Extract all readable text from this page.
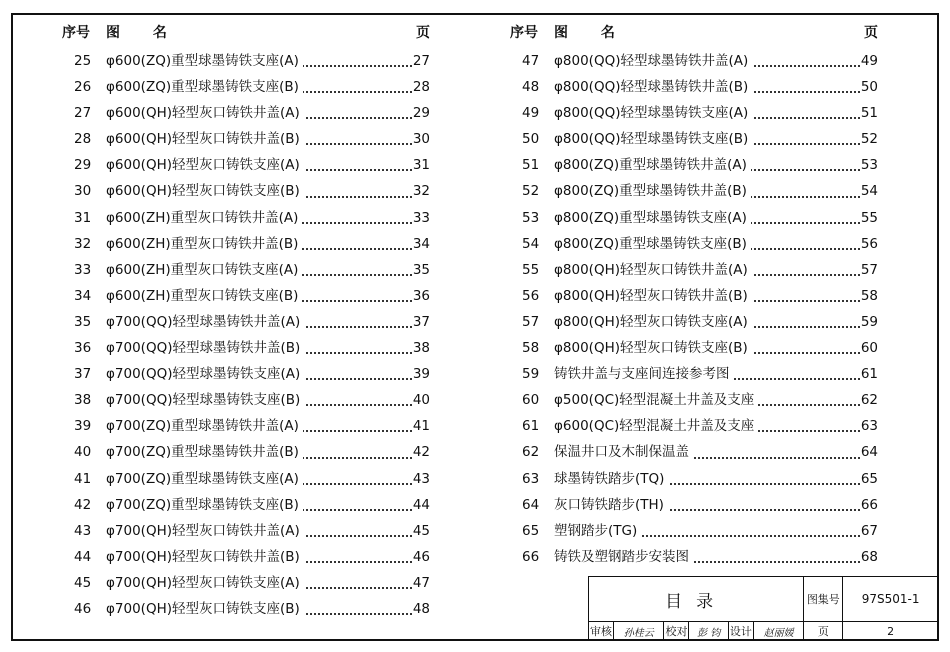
序号 图 名	页
25	φ600(ZQ)重型球墨铸铁支座(A)	27
26	φ600(ZQ)重型球墨铸铁支座(B)	28
27	φ600(QH)轻型灰口铸铁井盖(A)	29
28	φ600(QH)轻型灰口铸铁井盖(B)	30
29	φ600(QH)轻型灰口铸铁支座(A)	31
30	φ600(QH)轻型灰口铸铁支座(B)	32
31	φ600(ZH)重型灰口铸铁井盖(A)	33
32	φ600(ZH)重型灰口铸铁井盖(B)	34
33	φ600(ZH)重型灰口铸铁支座(A)	35
34	φ600(ZH)重型灰口铸铁支座(B)	36
35	φ700(QQ)轻型球墨铸铁井盖(A)	37
36	φ700(QQ)轻型球墨铸铁井盖(B)	38
37	φ700(QQ)轻型球墨铸铁支座(A)	39
38	φ700(QQ)轻型球墨铸铁支座(B)	40
39	φ700(ZQ)重型球墨铸铁井盖(A)	41
40	φ700(ZQ)重型球墨铸铁井盖(B)	42
41	φ700(ZQ)重型球墨铸铁支座(A)	43
42	φ700(ZQ)重型球墨铸铁支座(B)	44
43	φ700(QH)轻型灰口铸铁井盖(A)	45
44	φ700(QH)轻型灰口铸铁井盖(B)	46
45	φ700(QH)轻型灰口铸铁支座(A)	47
46	φ700(QH)轻型灰口铸铁支座(B)	48
序号 图 名	页
47	φ800(QQ)轻型球墨铸铁井盖(A)	49
48	φ800(QQ)轻型球墨铸铁井盖(B)	50
49	φ800(QQ)轻型球墨铸铁支座(A)	51
50	φ800(QQ)轻型球墨铸铁支座(B)	52
51	φ800(ZQ)重型球墨铸铁井盖(A)	53
52	φ800(ZQ)重型球墨铸铁井盖(B)	54
53	φ800(ZQ)重型球墨铸铁支座(A)	55
54	φ800(ZQ)重型球墨铸铁支座(B)	56
55	φ800(QH)轻型灰口铸铁井盖(A)	57
56	φ800(QH)轻型灰口铸铁井盖(B)	58
57	φ800(QH)轻型灰口铸铁支座(A)	59
58	φ800(QH)轻型灰口铸铁支座(B)	60
59	铸铁井盖与支座间连接参考图	61
60	φ500(QC)轻型混凝土井盖及支座	62
61	φ600(QC)轻型混凝土井盖及支座	63
62	保温井口及木制保温盖	64
63	球墨铸铁踏步(TQ)	65
64	灰口铸铁踏步(TH)	66
65	塑钢踏步(TG)	67
66	铸铁及塑钢踏步安装图	68
目录						图集号	97S501-1
审核	孙桂云	校对	彭 钧	设计	赵丽媛	页	2
